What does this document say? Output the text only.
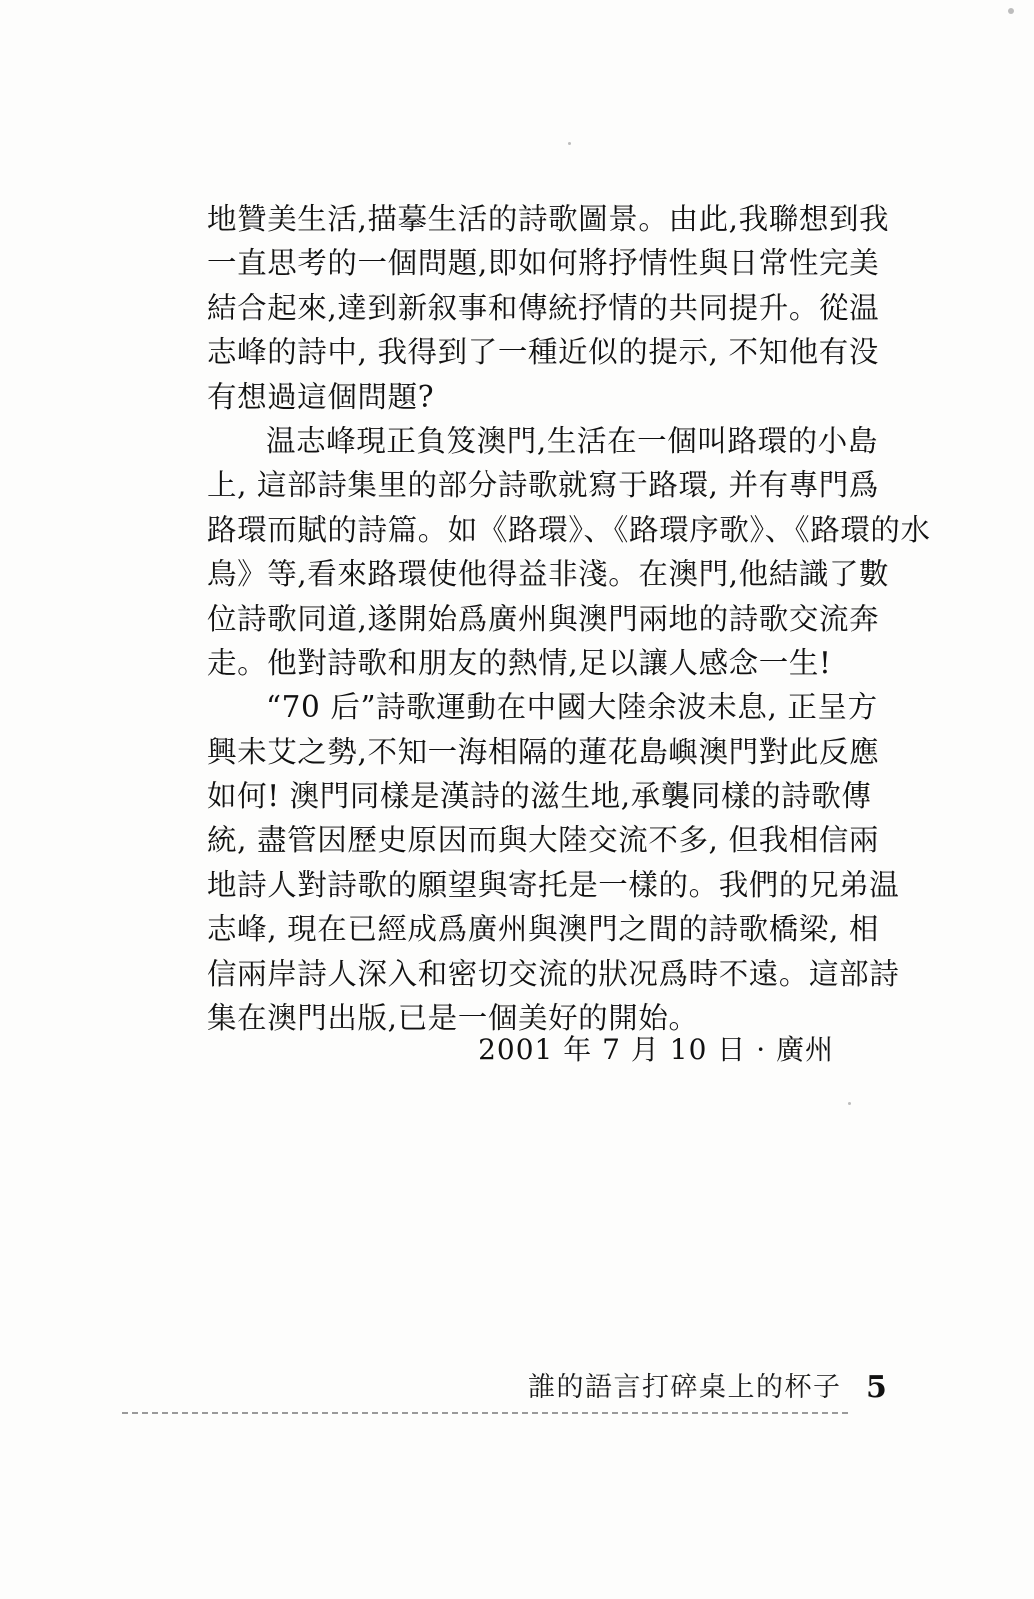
地贊美生活,描摹生活的詩歌圖景。由此,我聯想到我
一直思考的一個問題,即如何將抒情性與日常性完美
結合起來,達到新叙事和傳統抒情的共同提升。從温
志峰的詩中, 我得到了一種近似的提示, 不知他有没
有想過這個問題?
温志峰現正負笈澳門,生活在一個叫路環的小島
上, 這部詩集里的部分詩歌就寫于路環, 并有專門爲
路環而賦的詩篇。如《路環》、《路環序歌》、《路環的水
鳥》等,看來路環使他得益非淺。在澳門,他結識了數
位詩歌同道,遂開始爲廣州與澳門兩地的詩歌交流奔
走。他對詩歌和朋友的熱情,足以讓人感念一生!
“70 后”詩歌運動在中國大陸余波未息, 正呈方
興未艾之勢,不知一海相隔的蓮花島嶼澳門對此反應
如何! 澳門同樣是漢詩的滋生地,承襲同樣的詩歌傳
統, 盡管因歷史原因而與大陸交流不多, 但我相信兩
地詩人對詩歌的願望與寄托是一樣的。我們的兄弟温
志峰, 現在已經成爲廣州與澳門之間的詩歌橋梁, 相
信兩岸詩人深入和密切交流的狀况爲時不遠。這部詩
集在澳門出版,已是一個美好的開始。
2001 年 7 月 10 日 · 廣州
誰的語言打碎桌上的杯子 5
